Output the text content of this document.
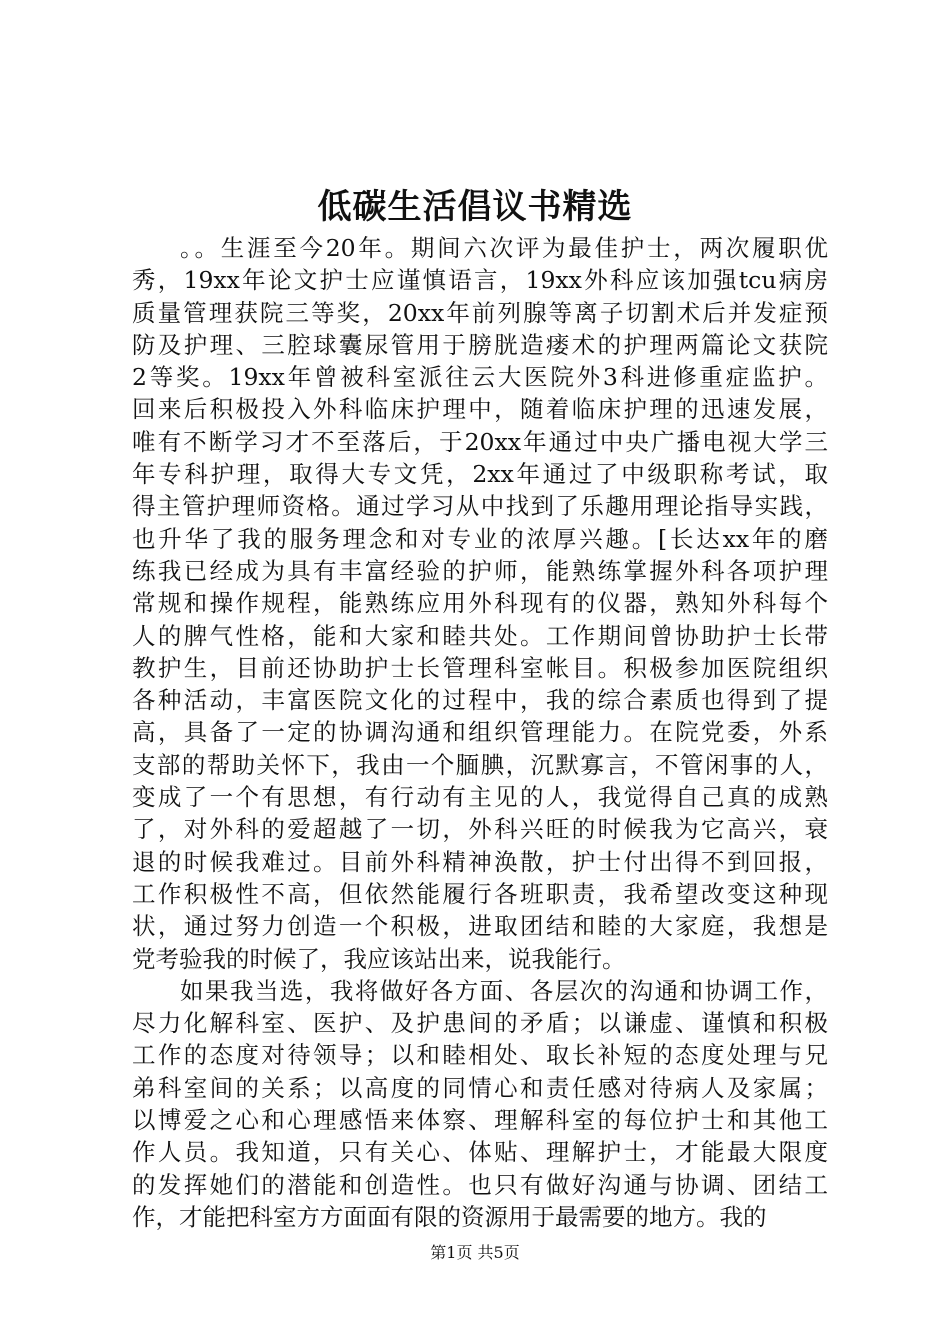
低碳生活倡议书精选
。。生涯至今20年。期间六次评为最佳护士，两次履职优
秀，19xx年论文护士应谨慎语言，19xx外科应该加强tcu病房
质量管理获院三等奖，20xx年前列腺等离子切割术后并发症预
防及护理、三腔球囊尿管用于膀胱造瘘术的护理两篇论文获院
2等奖。19xx年曾被科室派往云大医院外3科进修重症监护。
回来后积极投入外科临床护理中，随着临床护理的迅速发展，
唯有不断学习才不至落后，于20xx年通过中央广播电视大学三
年专科护理，取得大专文凭，2xx年通过了中级职称考试，取
得主管护理师资格。通过学习从中找到了乐趣用理论指导实践，
也升华了我的服务理念和对专业的浓厚兴趣。[长达xx年的磨
练我已经成为具有丰富经验的护师，能熟练掌握外科各项护理
常规和操作规程，能熟练应用外科现有的仪器，熟知外科每个
人的脾气性格，能和大家和睦共处。工作期间曾协助护士长带
教护生，目前还协助护士长管理科室帐目。积极参加医院组织
各种活动，丰富医院文化的过程中，我的综合素质也得到了提
高，具备了一定的协调沟通和组织管理能力。在院党委，外系
支部的帮助关怀下，我由一个腼腆，沉默寡言，不管闲事的人，
变成了一个有思想，有行动有主见的人，我觉得自己真的成熟
了，对外科的爱超越了一切，外科兴旺的时候我为它高兴，衰
退的时候我难过。目前外科精神涣散，护士付出得不到回报，
工作积极性不高，但依然能履行各班职责，我希望改变这种现
状，通过努力创造一个积极，进取团结和睦的大家庭，我想是
党考验我的时候了，我应该站出来，说我能行。
如果我当选，我将做好各方面、各层次的沟通和协调工作，
尽力化解科室、医护、及护患间的矛盾；以谦虚、谨慎和积极
工作的态度对待领导；以和睦相处、取长补短的态度处理与兄
弟科室间的关系；以高度的同情心和责任感对待病人及家属；
以博爱之心和心理感悟来体察、理解科室的每位护士和其他工
作人员。我知道，只有关心、体贴、理解护士，才能最大限度
的发挥她们的潜能和创造性。也只有做好沟通与协调、团结工
作，才能把科室方方面面有限的资源用于最需要的地方。我的
第1页 共5页
